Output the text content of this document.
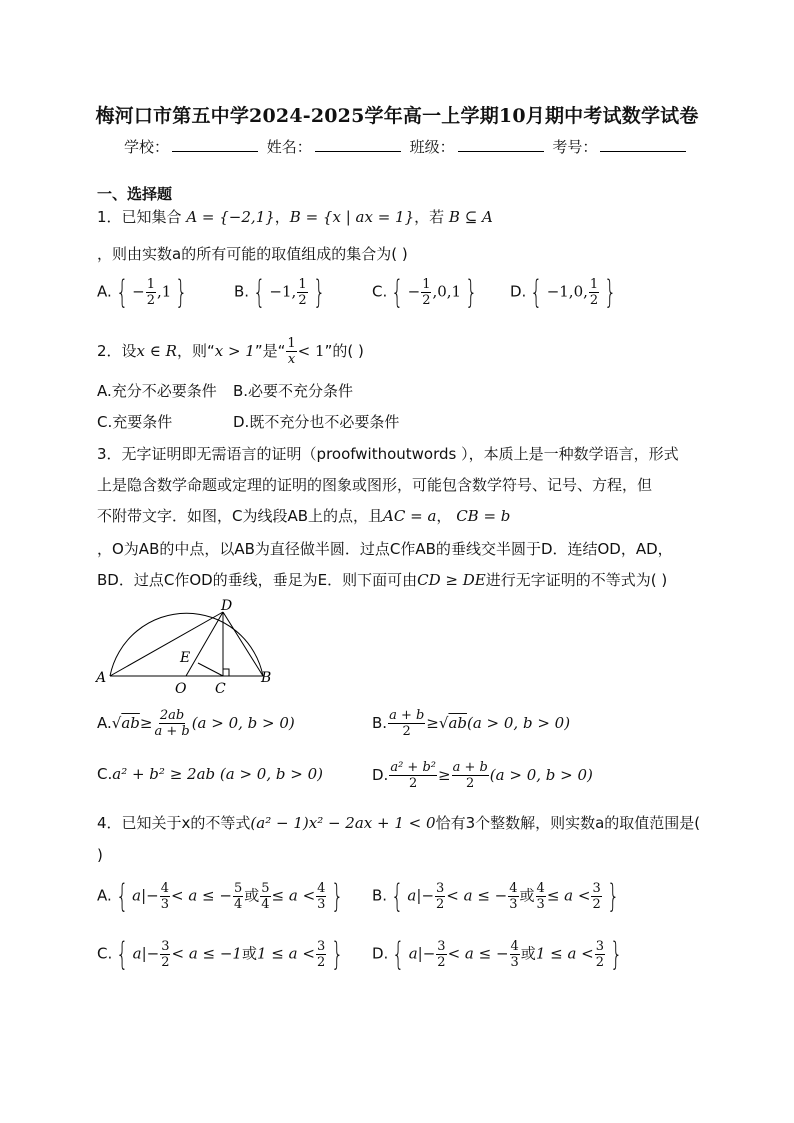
梅河口市第五中学2024-2025学年高一上学期10月期中考试数学试卷
学校：	姓名：	班级：	考号：
一、选择题
1．已知集合 A = {−2,1}，B = {x | ax = 1}，若 B ⊆ A
，则由实数a的所有可能的取值组成的集合为( )
A. { − $\frac{1}{2} ,1$ }	B. { −1, $\frac{1}{2}$ }	C. { − $\frac{1}{2} ,0,1$ } D. { −1,0, $\frac{1}{2}$ }
2．设x ∈ R，则“x > 1”是“ $\frac{1}{x} < 1$”的( )
A.充分不必要条件 B.必要不充分条件
C.充要条件	D.既不充分也不必要条件
3．无字证明即无需语言的证明（proofwithoutwords ），本质上是一种数学语言，形式
上是隐含数学命题或定理的证明的图象或图形，可能包含数学符号、记号、方程，但
不附带文字．如图，C为线段AB上的点，且AC = a， CB = b
，O为AB的中点，以AB为直径做半圆．过点C作AB的垂线交半圆于D．连结OD，AD，
BD．过点C作OD的垂线，垂足为E．则下面可由CD ≥ DE进行无字证明的不等式为( )
D
E
A
O C
B
$A.√ab\ge \frac{2ab}{a + b} (a > 0$, b > 0)	B. $\frac{a + b}{2} \ge√ab(a > 0$, b > 0)
C.a² + b² ≥ 2ab (a > 0, b > 0)	D. $\frac{\text{a² + b²}}{2} \ge \frac{a + b}{2} (a > 0$, b > 0)
4．已知关于x的不等式(a² − 1)x² − 2ax + 1 < 0恰有3个整数解，则实数a的取值范围是(
)
A. { $a|- \frac{4}{3} < a$ ≤ − $\frac{5}{4}$ 或 $\frac{5}{4} \le a < \frac{4}{3}$ } B. { $a|- \frac{3}{2} < a$ ≤ − $\frac{4}{3}$ 或 $\frac{4}{3} \le a < \frac{3}{2}$ }
C. { $a|- \frac{3}{2} < a \le -1$或$1 \le a < \frac{3}{2}$ } D. { $a|- \frac{3}{2} < a$ ≤ − $\frac{4}{3}$ 或$1 \le a < \frac{3}{2}$ }
